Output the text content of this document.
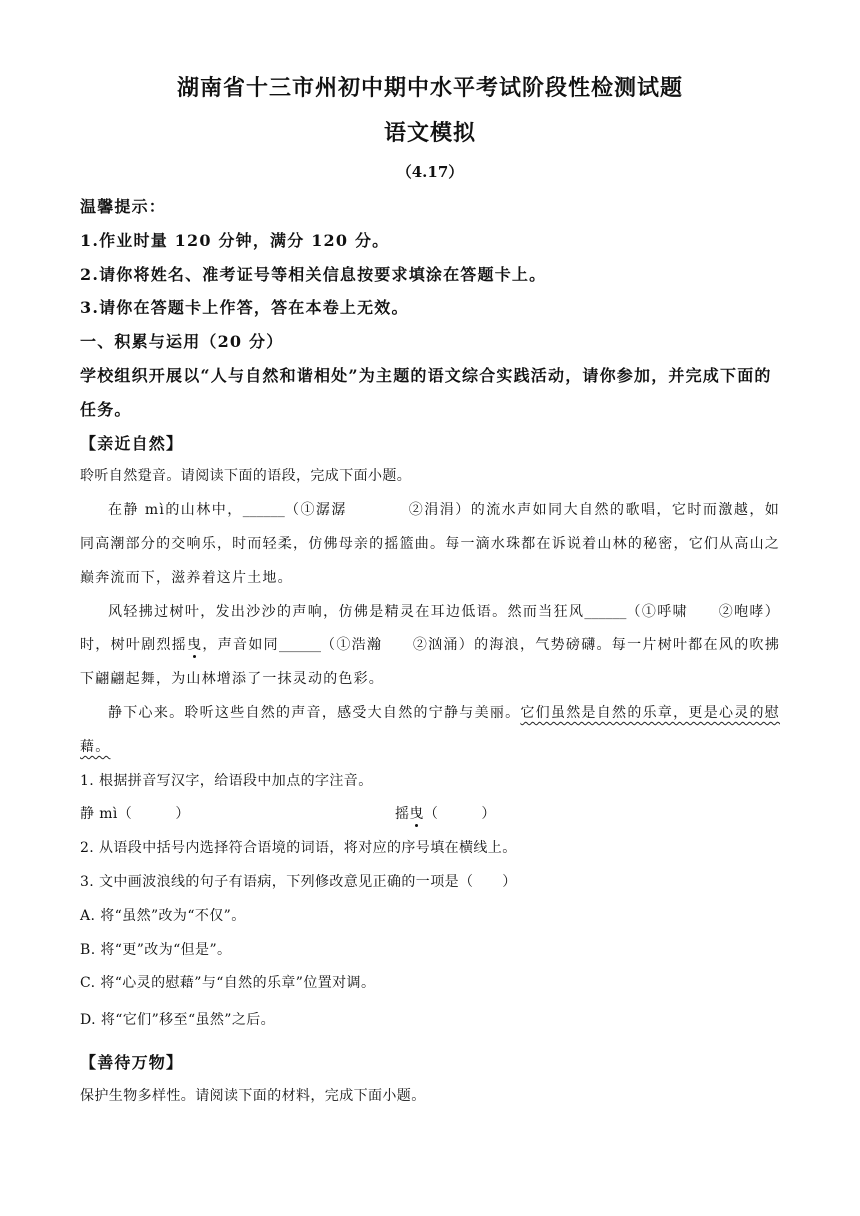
湖南省十三市州初中期中水平考试阶段性检测试题
语文模拟
（4.17）
温馨提示：
1.作业时量 120 分钟，满分 120 分。
2.请你将姓名、准考证号等相关信息按要求填涂在答题卡上。
3.请你在答题卡上作答，答在本卷上无效。
一、积累与运用（20 分）
学校组织开展以“人与自然和谐相处”为主题的语文综合实践活动，请你参加，并完成下面的任务。
【亲近自然】
聆听自然跫音。请阅读下面的语段，完成下面小题。

在静 mì的山林中，______（①潺潺　　　　②涓涓）的流水声如同大自然的歌唱，它时而激越，如同高潮部分的交响乐，时而轻柔，仿佛母亲的摇篮曲。每一滴水珠都在诉说着山林的秘密，它们从高山之巅奔流而下，滋养着这片土地。

风轻拂过树叶，发出沙沙的声响，仿佛是精灵在耳边低语。然而当狂风______（①呼啸　　②咆哮）时，树叶剧烈摇曳，声音如同______（①浩瀚　　②汹涌）的海浪，气势磅礴。每一片树叶都在风的吹拂下翩翩起舞，为山林增添了一抹灵动的色彩。

静下心来。聆听这些自然的声音，感受大自然的宁静与美丽。它们虽然是自然的乐章，更是心灵的慰藉。

1. 根据拼音写汉字，给语段中加点的字注音。
静 mì（　　　）	摇曳（　　　）
2. 从语段中括号内选择符合语境的词语，将对应的序号填在横线上。
3. 文中画波浪线的句子有语病，下列修改意见正确的一项是（　　）
A. 将“虽然”改为“不仅”。
B. 将“更”改为“但是”。
C. 将“心灵的慰藉”与“自然的乐章”位置对调。
D. 将“它们”移至“虽然”之后。
【善待万物】
保护生物多样性。请阅读下面的材料，完成下面小题。
